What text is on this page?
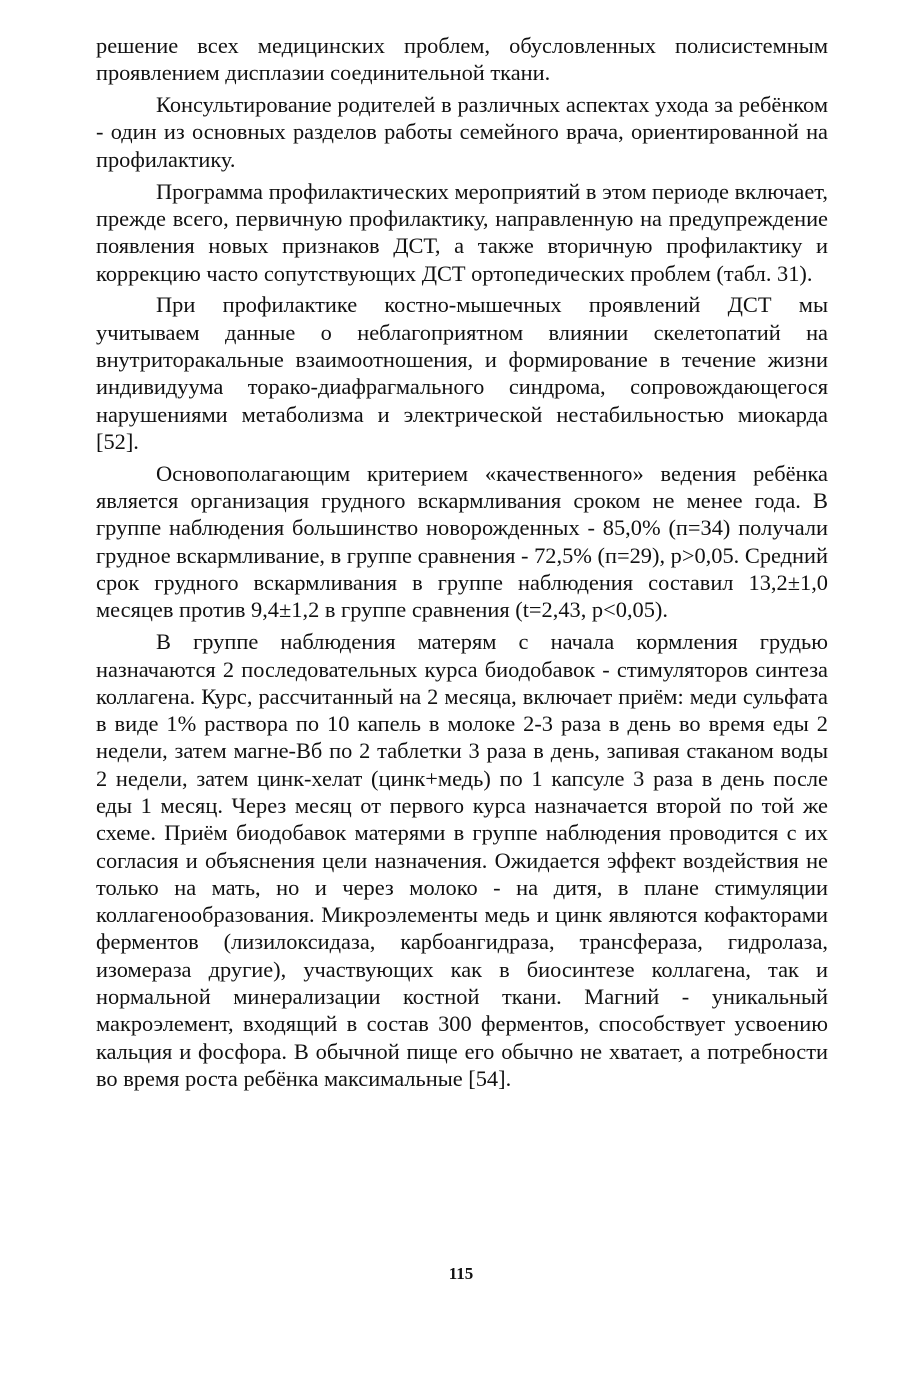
решение всех медицинских проблем, обусловленных полисистемным проявлением дисплазии соединительной ткани.

Консультирование родителей в различных аспектах ухода за ребёнком - один из основных разделов работы семейного врача, ориентированной на профилактику.

Программа профилактических мероприятий в этом периоде включает, прежде всего, первичную профилактику, направленную на предупреждение появления новых признаков ДСТ, а также вторичную профилактику и коррекцию часто сопутствующих ДСТ ортопедических проблем (табл. 31).

При профилактике костно-мышечных проявлений ДСТ мы учитываем данные о неблагоприятном влиянии скелетопатий на внутриторакальные взаимоотношения, и формирование в течение жизни индивидуума торако-диафрагмального синдрома, сопровождающегося нарушениями метаболизма и электрической нестабильностью миокарда [52].

Основополагающим критерием «качественного» ведения ребёнка является организация грудного вскармливания сроком не менее года. В группе наблюдения большинство новорожденных - 85,0% (п=34) получали грудное вскармливание, в группе сравнения - 72,5% (п=29), р>0,05. Средний срок грудного вскармливания в группе наблюдения составил 13,2±1,0 месяцев против 9,4±1,2 в группе сравнения (t=2,43, р<0,05).

В группе наблюдения матерям с начала кормления грудью назначаются 2 последовательных курса биодобавок - стимуляторов синтеза коллагена. Курс, рассчитанный на 2 месяца, включает приём: меди сульфата в виде 1% раствора по 10 капель в молоке 2-3 раза в день во время еды 2 недели, затем магне-Вб по 2 таблетки 3 раза в день, запивая стаканом воды 2 недели, затем цинк-хелат (цинк+медь) по 1 капсуле 3 раза в день после еды 1 месяц. Через месяц от первого курса назначается второй по той же схеме. Приём биодобавок матерями в группе наблюдения проводится с их согласия и объяснения цели назначения. Ожидается эффект воздействия не только на мать, но и через молоко - на дитя, в плане стимуляции коллагенообразования. Микроэлементы медь и цинк являются кофакторами ферментов (лизилоксидаза, карбоангидраза, трансфераза, гидролаза, изомераза другие), участвующих как в биосинтезе коллагена, так и нормальной минерализации костной ткани. Магний - уникальный макроэлемент, входящий в состав 300 ферментов, способствует усвоению кальция и фосфора. В обычной пище его обычно не хватает, а потребности во время роста ребёнка максимальные [54].

115
